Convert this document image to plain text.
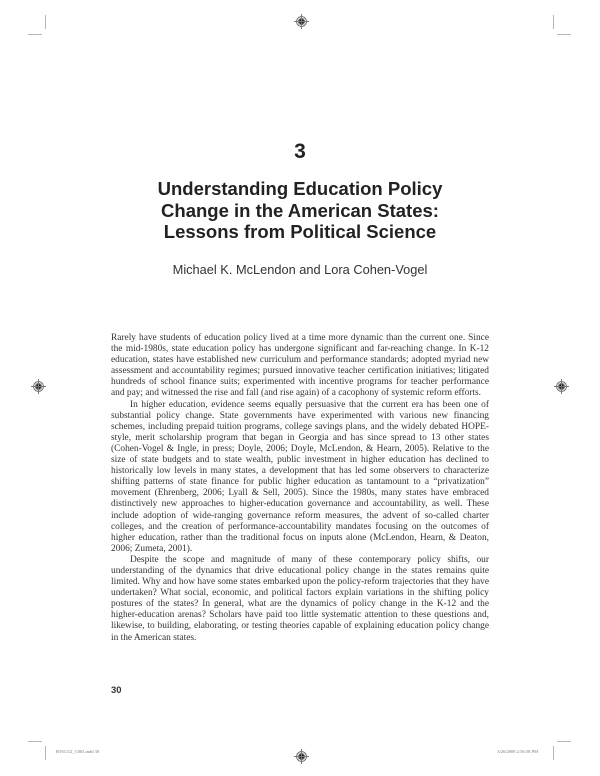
3
Understanding Education Policy
Change in the American States:
Lessons from Political Science
Michael K. McLendon and Lora Cohen-Vogel

Rarely have students of education policy lived at a time more dynamic than the current one. Since the mid-1980s, state education policy has undergone significant and far-reaching change. In K-12 education, states have established new curriculum and performance standards; adopted myriad new assessment and accountability regimes; pursued innovative teacher certification initiatives; litigated hundreds of school finance suits; experimented with incentive programs for teacher performance and pay; and witnessed the rise and fall (and rise again) of a cacophony of systemic reform efforts.

In higher education, evidence seems equally persuasive that the current era has been one of substantial policy change. State governments have experimented with various new financing schemes, including prepaid tuition programs, college savings plans, and the widely debated HOPE-style, merit scholarship program that began in Georgia and has since spread to 13 other states (Cohen-Vogel & Ingle, in press; Doyle, 2006; Doyle, McLendon, & Hearn, 2005). Relative to the size of state budgets and to state wealth, public investment in higher education has declined to historically low levels in many states, a development that has led some observers to characterize shifting patterns of state finance for public higher education as tantamount to a “privatization” movement (Ehrenberg, 2006; Lyall & Sell, 2005). Since the 1980s, many states have embraced distinctively new approaches to higher-education governance and accountability, as well. These include adoption of wide-ranging governance reform measures, the advent of so-called charter colleges, and the creation of performance-accountability mandates focusing on the outcomes of higher education, rather than the traditional focus on inputs alone (McLendon, Hearn, & Deaton, 2006; Zumeta, 2001).

Despite the scope and magnitude of many of these contemporary policy shifts, our understanding of the dynamics that drive educational policy change in the states remains quite limited. Why and how have some states embarked upon the policy-reform trajectories that they have undertaken? What social, economic, and political factors explain variations in the shifting policy postures of the states? In general, what are the dynamics of policy change in the K-12 and the higher-education arenas? Scholars have paid too little systematic attention to these questions and, likewise, to building, elaborating, or testing theories capable of explaining education policy change in the American states.

30
RT61112_C003.indd 30	3/26/2008 2:56:58 PM
